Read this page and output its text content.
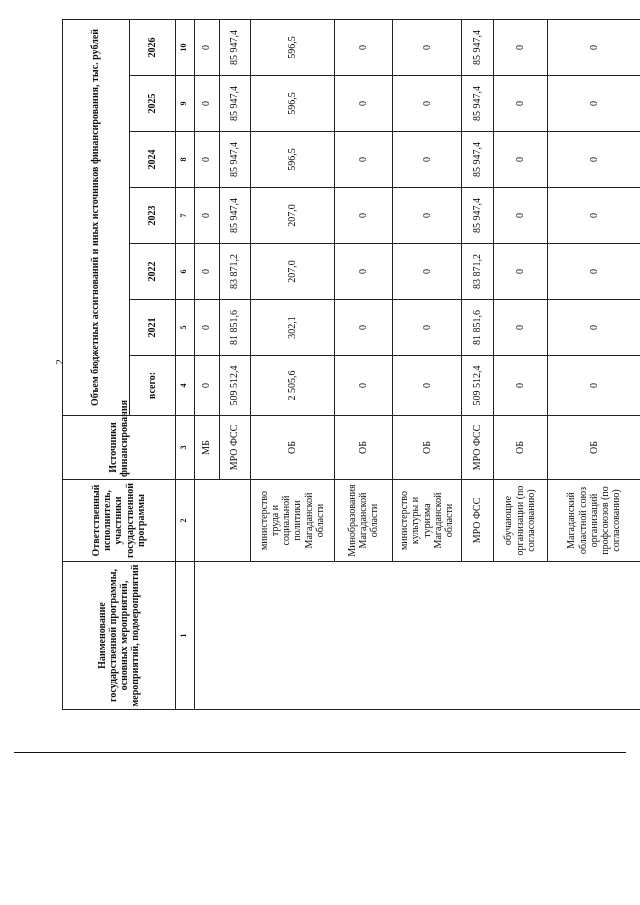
2
Наименование государственной программы, основных мероприятий, мероприятий, подмероприятий	Ответственный исполнитель, участники государственной программы	Источники финансирования	Объем бюджетных ассигнований и иных источников финансирования, тыс. рублей						
			всего:	2021	2022	2023	2024	2025	2026
1	2	3	4	5	6	7	8	9	10
		МБ	0	0	0	0	0	0	0
		МРО ФСС	509 512,4	81 851,6	83 871,2	85 947,4	85 947,4	85 947,4	85 947,4
	министерство труда и социальной политики Магаданской области	ОБ	2 505,6	302,1	207,0	207,0	596,5	596,5	596,5
	Минобразования Магаданской области	ОБ	0	0	0	0	0	0	0
	министерство культуры и туризма Магаданской области	ОБ	0	0	0	0	0	0	0
	МРО ФСС	МРО ФСС	509 512,4	81 851,6	83 871,2	85 947,4	85 947,4	85 947,4	85 947,4
	обучающие организации (по согласованию)	ОБ	0	0	0	0	0	0	0
	Магаданский областной союз организаций профсоюзов (по согласованию)	ОБ	0	0	0	0	0	0	0
